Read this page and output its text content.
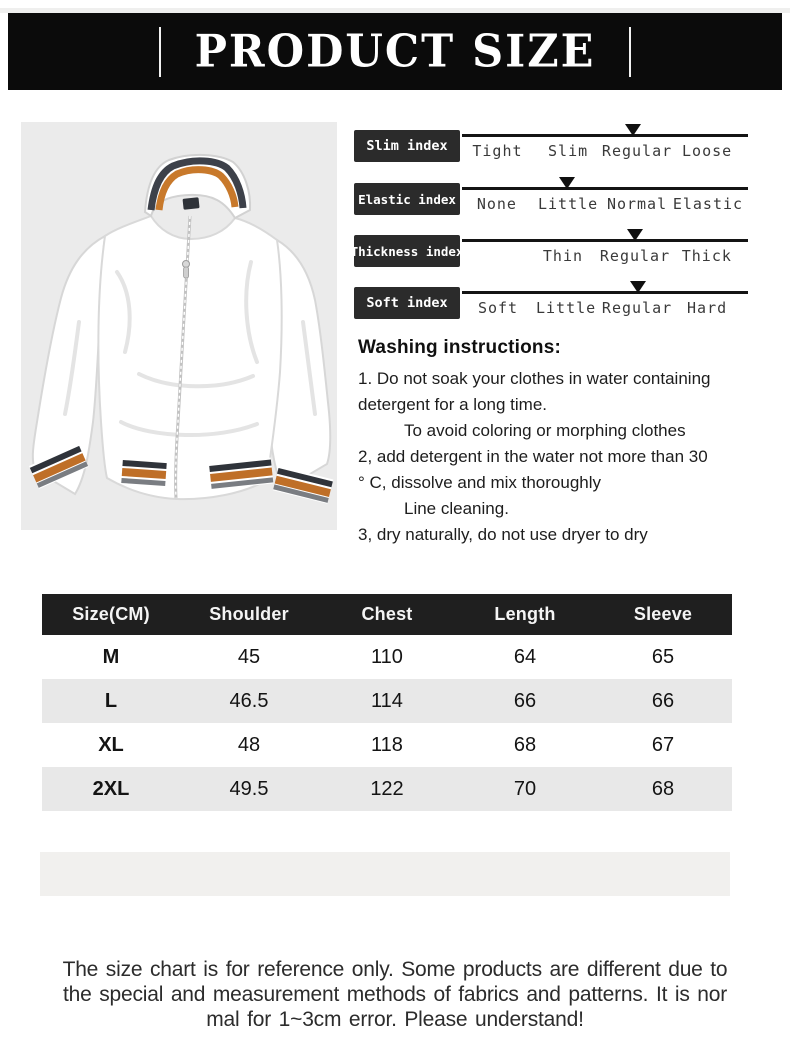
PRODUCT SIZE
Slim index	Tight Slim Regular Loose
Elastic index None Little Normal Elastic
Thickness index	Thin Regular Thick
Soft index	Soft Little Regular Hard
Washing instructions:
1. Do not soak your clothes in water containing
detergent for a long time.
To avoid coloring or morphing clothes
2, add detergent in the water not more than 30
° C, dissolve and mix thoroughly
Line cleaning.
3, dry naturally, do not use dryer to dry
Size(CM)	Shoulder	Chest	Length	Sleeve
M	45	110	64	65
L	46.5	114	66	66
XL	48	118	68	67
2XL	49.5	122	70	68
The size chart is for reference only. Some products are different due to
the special and measurement methods of fabrics and patterns. It is nor
mal for 1~3cm error. Please understand!
